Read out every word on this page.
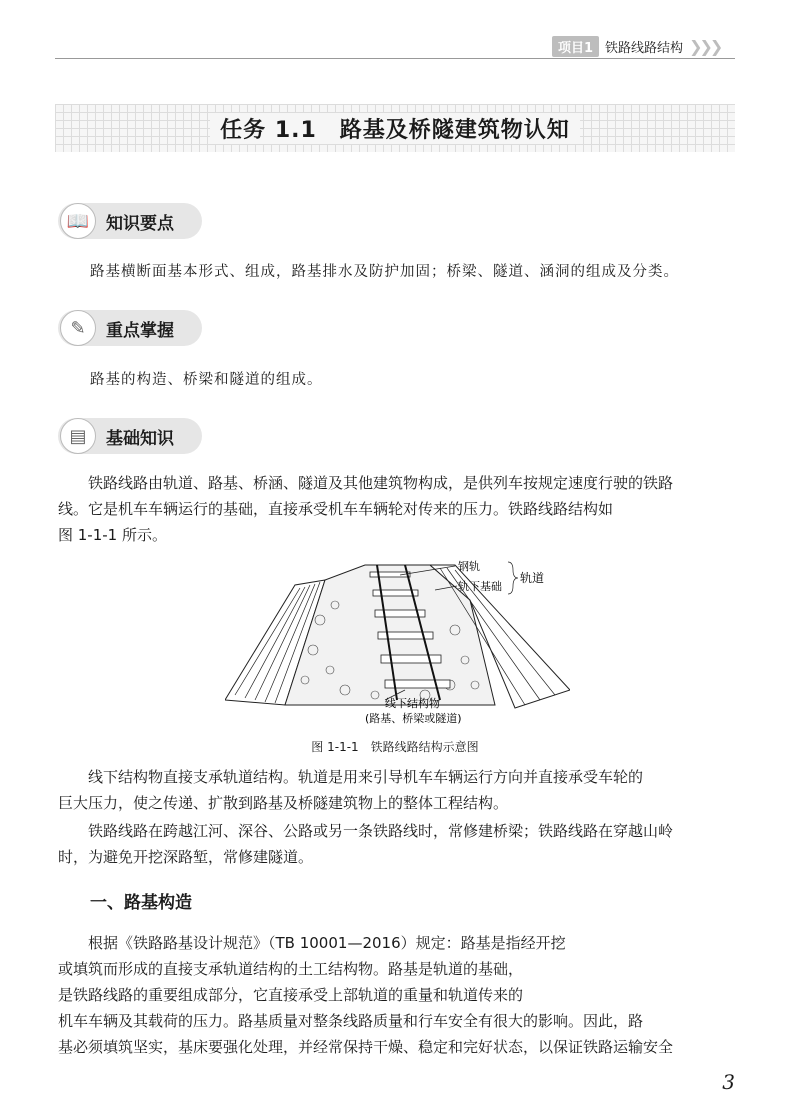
项目1 铁路线路结构 ❯❯❯
任务 1.1　路基及桥隧建筑物认知
📖 知识要点
路基横断面基本形式、组成，路基排水及防护加固；桥梁、隧道、涵洞的组成及分类。
✎	重点掌握
路基的构造、桥梁和隧道的组成。
▤	基础知识

铁路线路由轨道、路基、桥涵、隧道及其他建筑物构成，是供列车按规定速度行驶的铁路
线。它是机车车辆运行的基础，直接承受机车车辆轮对传来的压力。铁路线路结构如
图 1-1-1 所示。

钢轨
轨下基础
轨道
线下结构物
(路基、桥梁或隧道)
图 1-1-1　铁路线路结构示意图

线下结构物直接支承轨道结构。轨道是用来引导机车车辆运行方向并直接承受车轮的
巨大压力，使之传递、扩散到路基及桥隧建筑物上的整体工程结构。

铁路线路在跨越江河、深谷、公路或另一条铁路线时，常修建桥梁；铁路线路在穿越山岭
时，为避免开挖深路堑，常修建隧道。

一、路基构造

根据《铁路路基设计规范》（TB 10001—2016）规定：路基是指经开挖
或填筑而形成的直接支承轨道结构的土工结构物。路基是轨道的基础，
是铁路线路的重要组成部分，它直接承受上部轨道的重量和轨道传来的
机车车辆及其载荷的压力。路基质量对整条线路质量和行车安全有很大的影响。因此，路
基必须填筑坚实，基床要强化处理，并经常保持干燥、稳定和完好状态，以保证铁路运输安全

3
